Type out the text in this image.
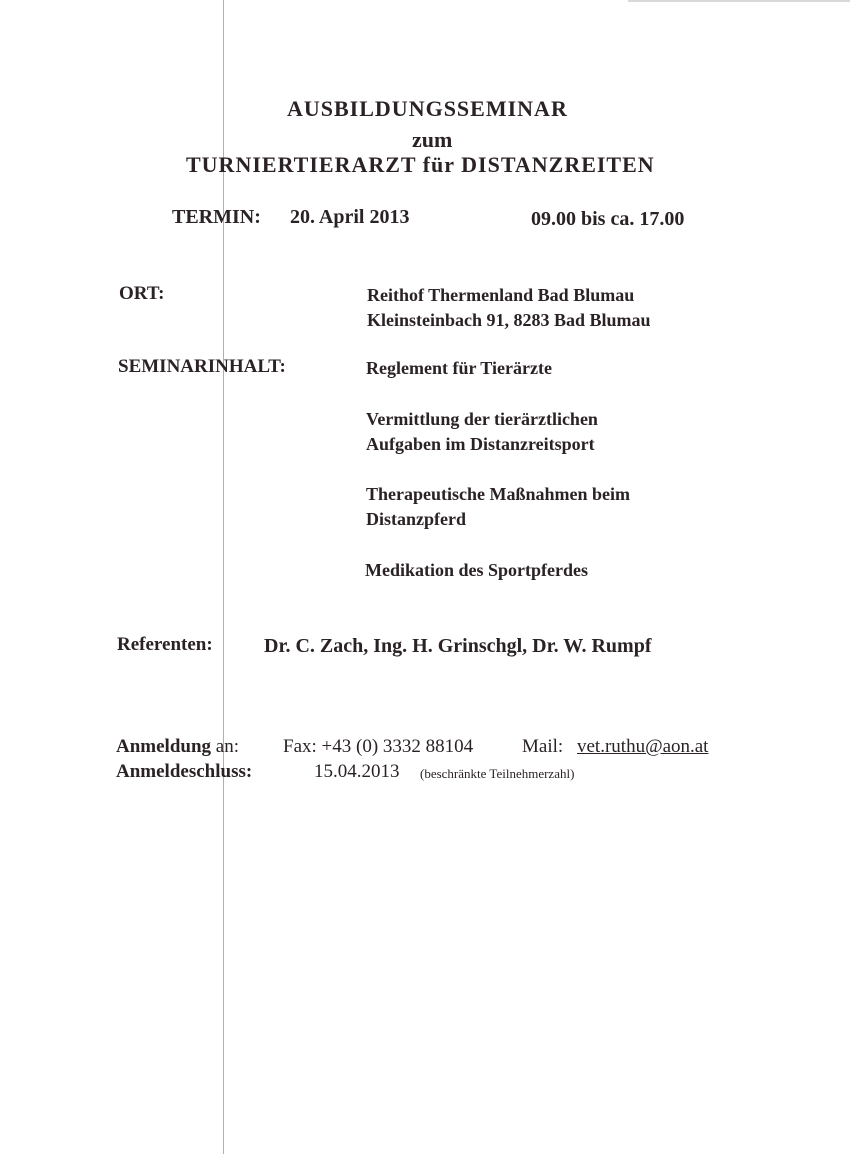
AUSBILDUNGSSEMINAR
zum
TURNIERTIERARZT für DISTANZREITEN
TERMIN: 20. April 2013	09.00 bis ca. 17.00
ORT:	Reithof Thermenland Bad Blumau
Kleinsteinbach 91, 8283 Bad Blumau
SEMINARINHALT:	Reglement für Tierärzte
Vermittlung der tierärztlichen
Aufgaben im Distanzreitsport
Therapeutische Maßnahmen beim
Distanzpferd
Medikation des Sportpferdes
Referenten:	Dr. C. Zach, Ing. H. Grinschgl, Dr. W. Rumpf
Anmeldung an: Fax: +43 (0) 3332 88104	Mail: vet.ruthu@aon.at
Anmeldeschluss:	15.04.2013 (beschränkte Teilnehmerzahl)
